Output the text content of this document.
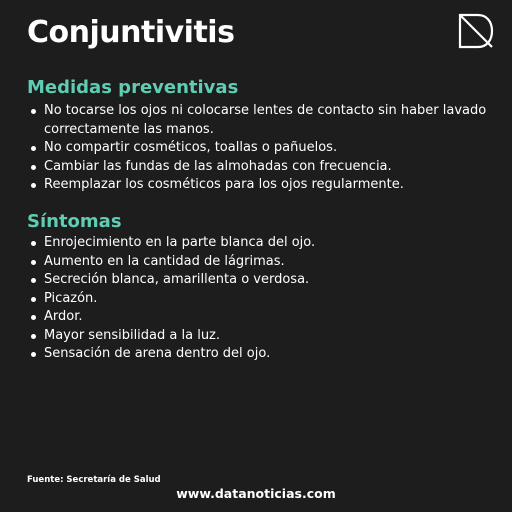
Conjuntivitis
Medidas preventivas
No tocarse los ojos ni colocarse lentes de contacto sin haber lavado correctamente las manos.
No compartir cosméticos, toallas o pañuelos.
Cambiar las fundas de las almohadas con frecuencia.
Reemplazar los cosméticos para los ojos regularmente.
Síntomas
Enrojecimiento en la parte blanca del ojo.
Aumento en la cantidad de lágrimas.
Secreción blanca, amarillenta o verdosa.
Picazón.
Ardor.
Mayor sensibilidad a la luz.
Sensación de arena dentro del ojo.
Fuente: Secretaría de Salud
www.datanoticias.com
